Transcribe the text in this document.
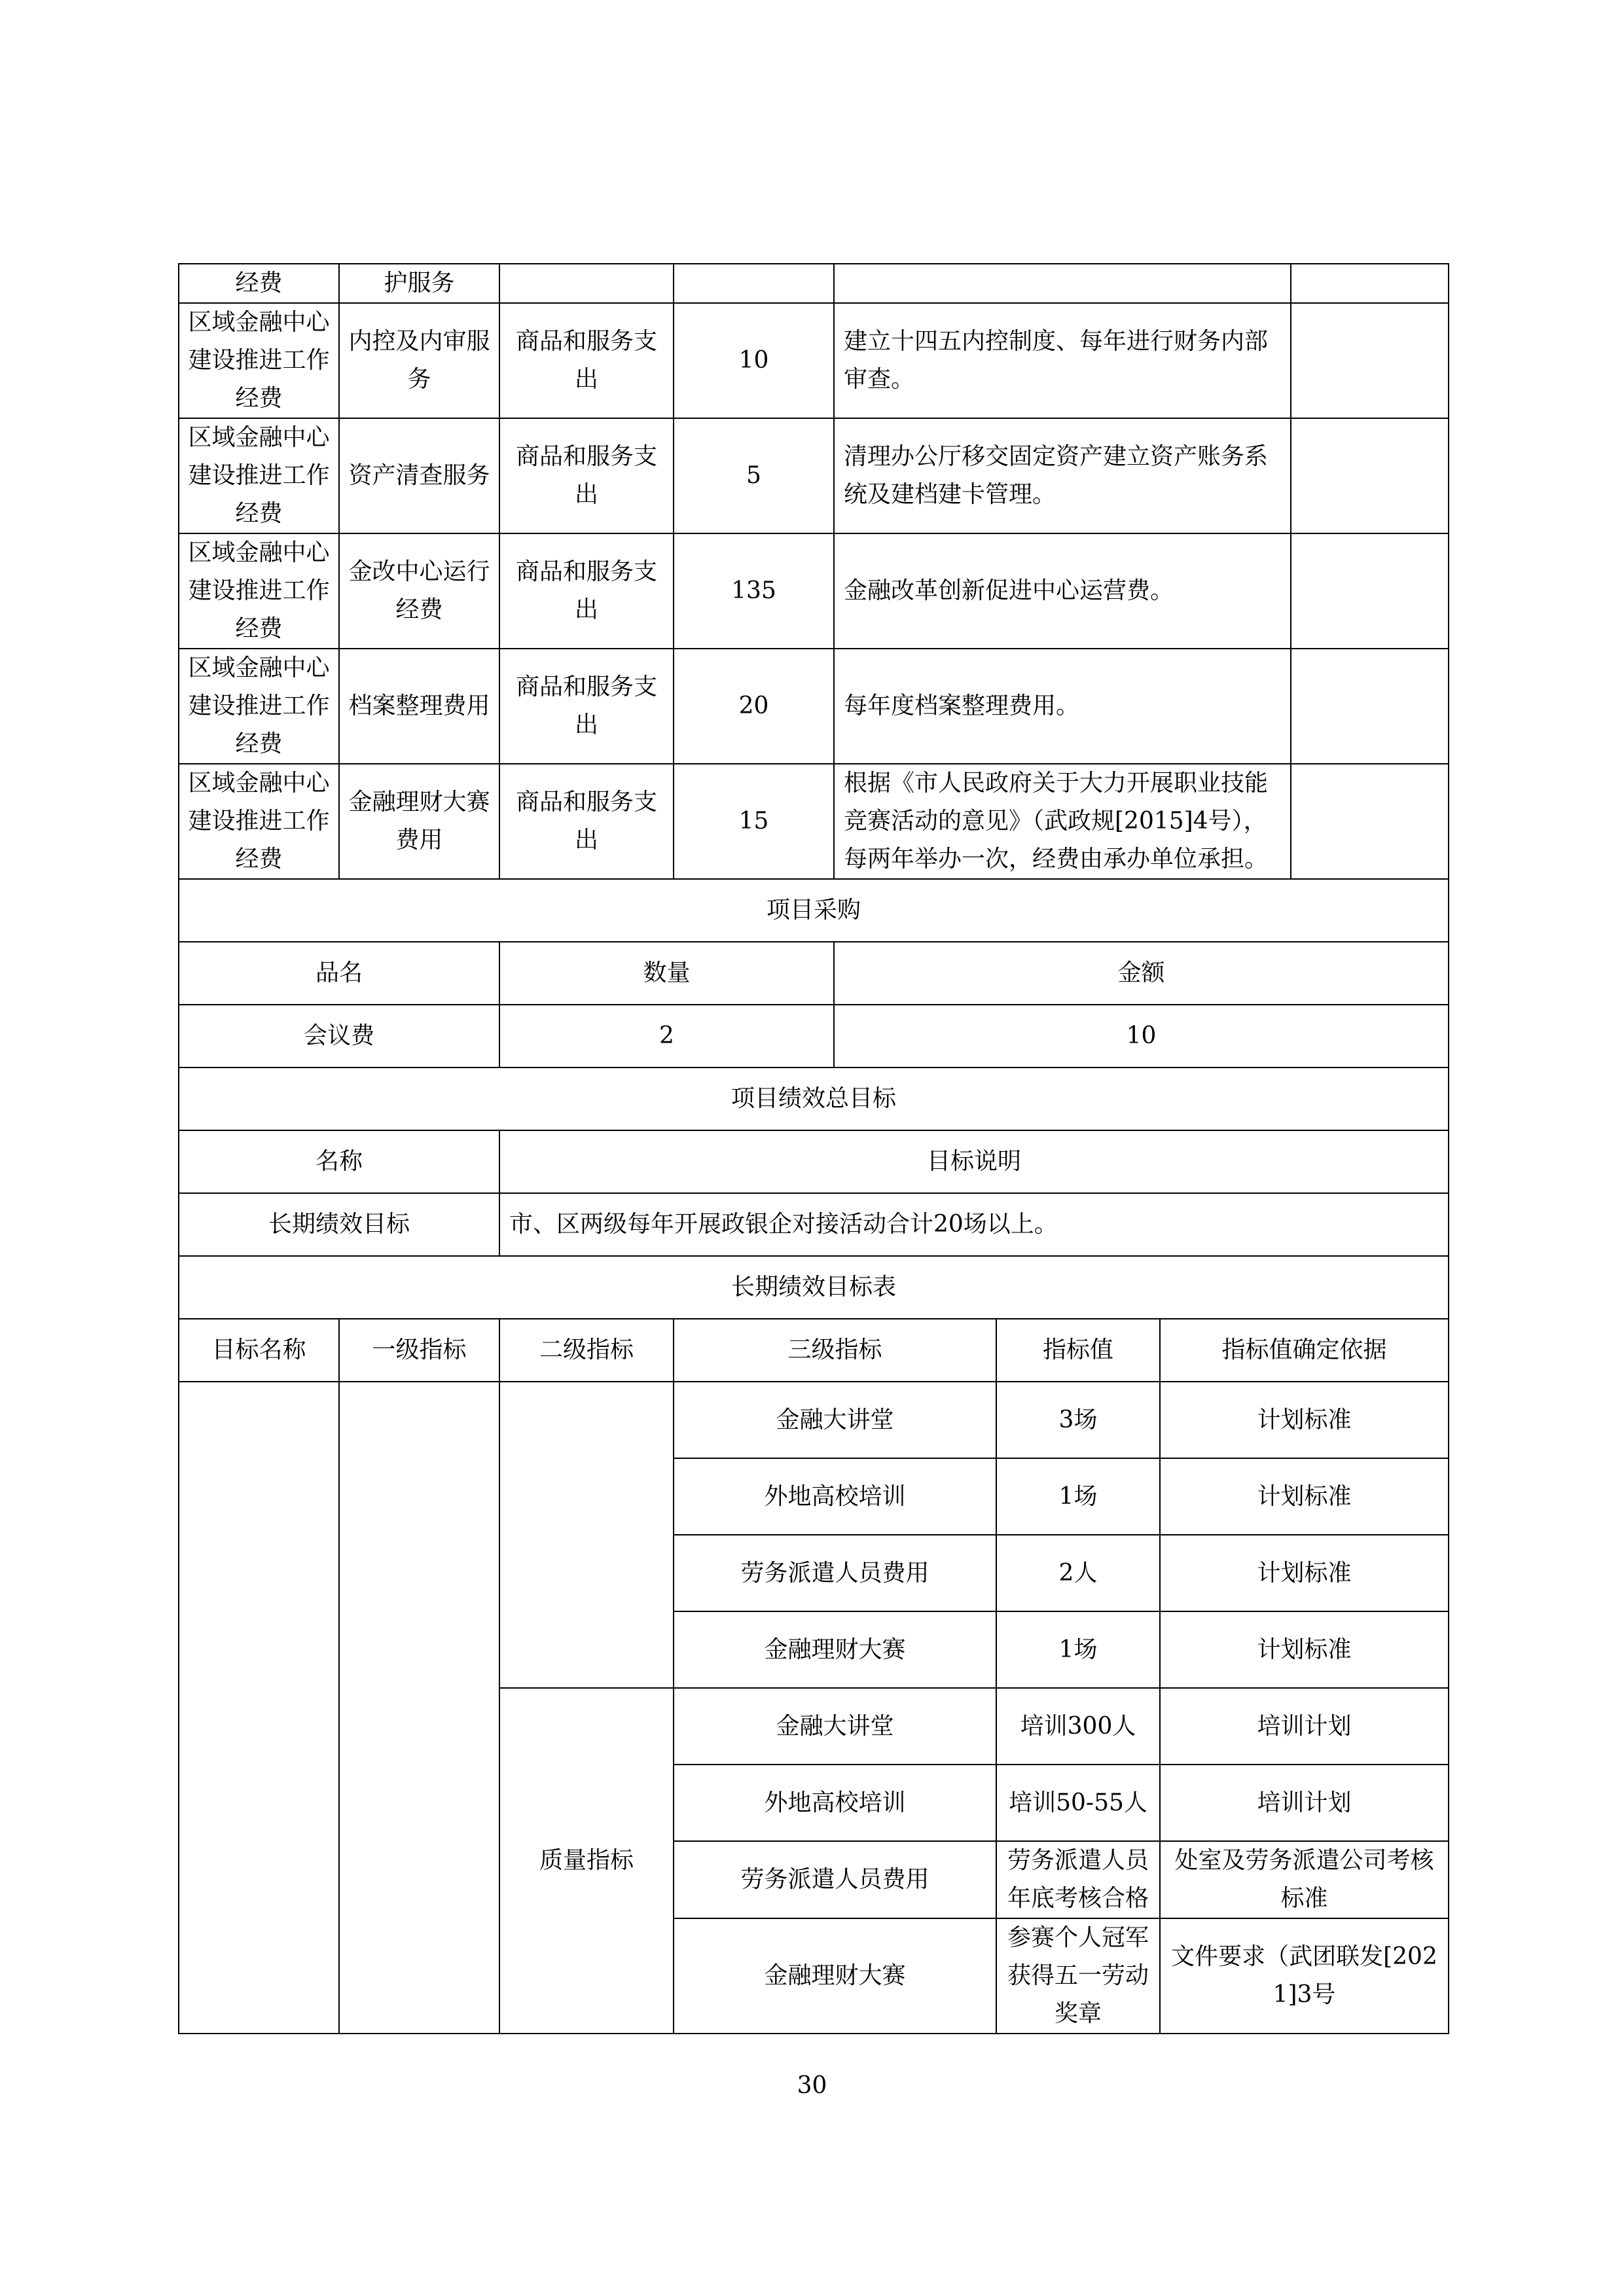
经费	护服务						
区域金融中心建设推进工作经费	内控及内审服务	商品和服务支出	10	建立十四五内控制度、每年进行财务内部审查。			
区域金融中心建设推进工作经费	资产清查服务	商品和服务支出	5	清理办公厅移交固定资产建立资产账务系统及建档建卡管理。			
区域金融中心建设推进工作经费	金改中心运行经费	商品和服务支出	135	金融改革创新促进中心运营费。			
区域金融中心建设推进工作经费	档案整理费用	商品和服务支出	20	每年度档案整理费用。			
区域金融中心建设推进工作经费	金融理财大赛费用	商品和服务支出	15	根据《市人民政府关于大力开展职业技能竞赛活动的意见》（武政规[2015]4号），每两年举办一次，经费由承办单位承担。			
项目采购							
品名		数量		金额			
会议费		2		10			
项目绩效总目标							
名称		目标说明					
长期绩效目标		市、区两级每年开展政银企对接活动合计20场以上。					
长期绩效目标表							
目标名称	一级指标	二级指标	三级指标		指标值	指标值确定依据	
			金融大讲堂		3场	计划标准	
			外地高校培训		1场	计划标准	
			劳务派遣人员费用		2人	计划标准	
			金融理财大赛		1场	计划标准	
		质量指标	金融大讲堂		培训300人	培训计划	
			外地高校培训		培训50-55人	培训计划	
			劳务派遣人员费用		劳务派遣人员年底考核合格	处室及劳务派遣公司考核标准	
			金融理财大赛		参赛个人冠军获得五一劳动奖章	文件要求（武团联发[2021]3号	
30
